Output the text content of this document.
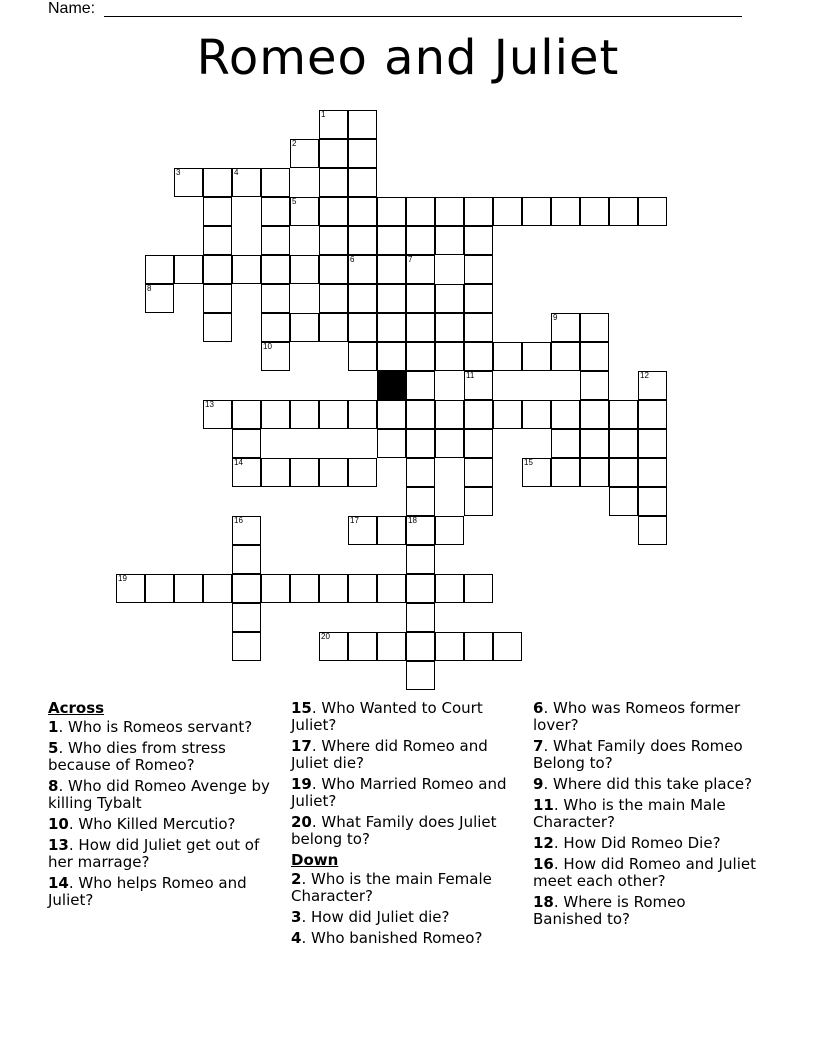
Name:
Romeo and Juliet
6	7
11
13
12
14	15
16	17	18
19
20
1
2
3	4
5
8
9
10
Across
1. Who is Romeos servant?
5. Who dies from stress because of Romeo?
8. Who did Romeo Avenge by killing Tybalt
10. Who Killed Mercutio?
13. How did Juliet get out of her marrage?
14. Who helps Romeo and Juliet?
15. Who Wanted to Court Juliet?
17. Where did Romeo and Juliet die?
19. Who Married Romeo and Juliet?
20. What Family does Juliet belong to?
Down
2. Who is the main Female Character?
3. How did Juliet die?
4. Who banished Romeo?
6. Who was Romeos former lover?
7. What Family does Romeo Belong to?
9. Where did this take place?
11. Who is the main Male Character?
12. How Did Romeo Die?
16. How did Romeo and Juliet meet each other?
18. Where is Romeo Banished to?
